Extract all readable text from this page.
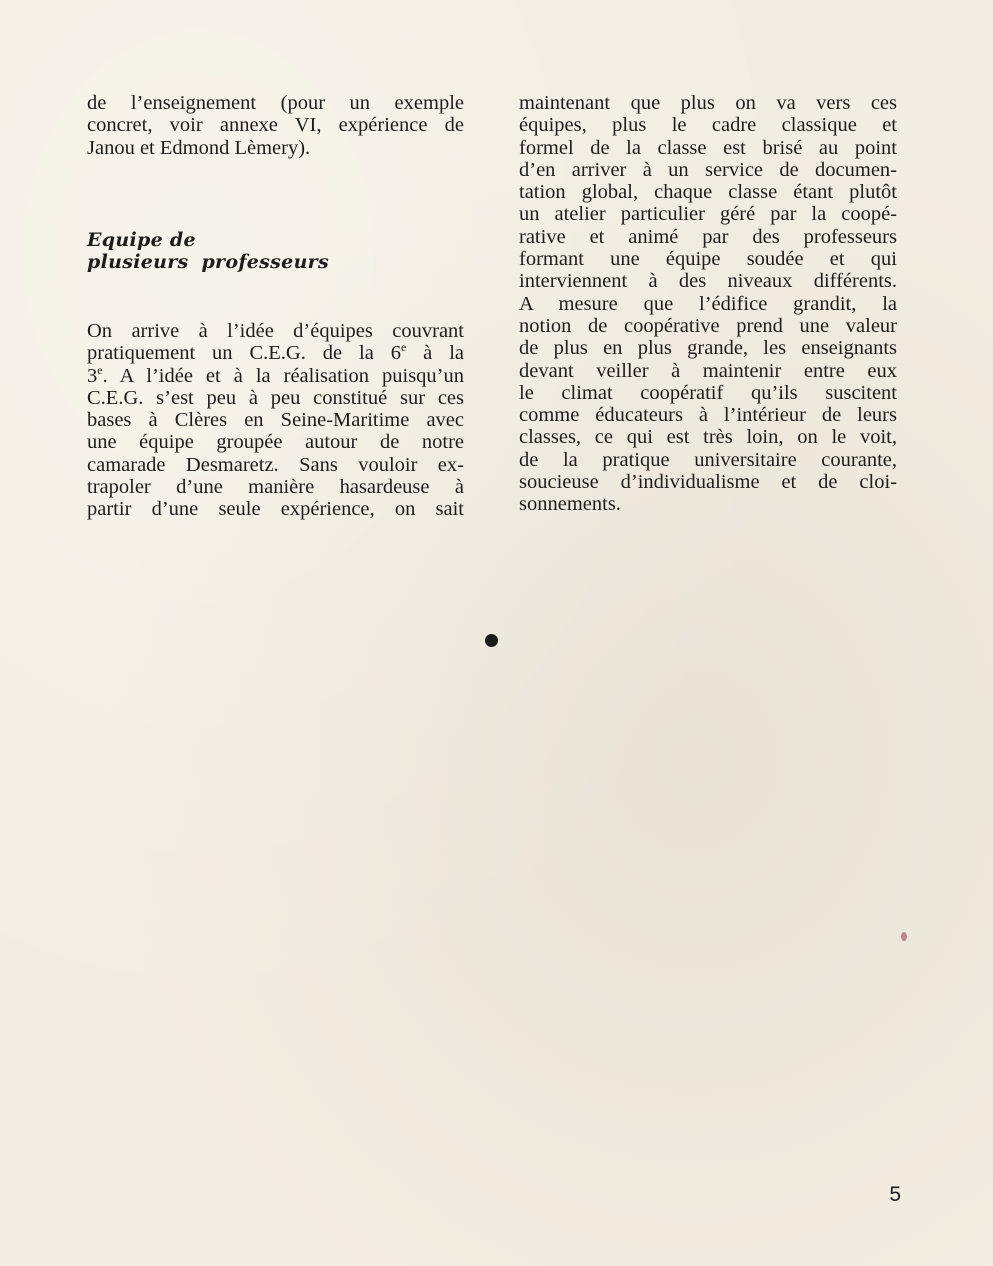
de l’enseignement (pour un exemple
concret, voir annexe VI, expérience de
Janou et Edmond Lèmery).

Equipe de
plusieurs professeurs

On arrive à l’idée d’équipes couvrant
pratiquement un C.E.G. de la 6e à la
3e. A l’idée et à la réalisation puisqu’un
C.E.G. s’est peu à peu constitué sur ces
bases à Clères en Seine-Maritime avec
une équipe groupée autour de notre
camarade Desmaretz. Sans vouloir ex-
trapoler d’une manière hasardeuse à
partir d’une seule expérience, on sait

maintenant que plus on va vers ces
équipes, plus le cadre classique et
formel de la classe est brisé au point
d’en arriver à un service de documen-
tation global, chaque classe étant plutôt
un atelier particulier géré par la coopé-
rative et animé par des professeurs
formant une équipe soudée et qui
interviennent à des niveaux différents.
A mesure que l’édifice grandit, la
notion de coopérative prend une valeur
de plus en plus grande, les enseignants
devant veiller à maintenir entre eux
le climat coopératif qu’ils suscitent
comme éducateurs à l’intérieur de leurs
classes, ce qui est très loin, on le voit,
de la pratique universitaire courante,
soucieuse d’individualisme et de cloi-
sonnements.

5
